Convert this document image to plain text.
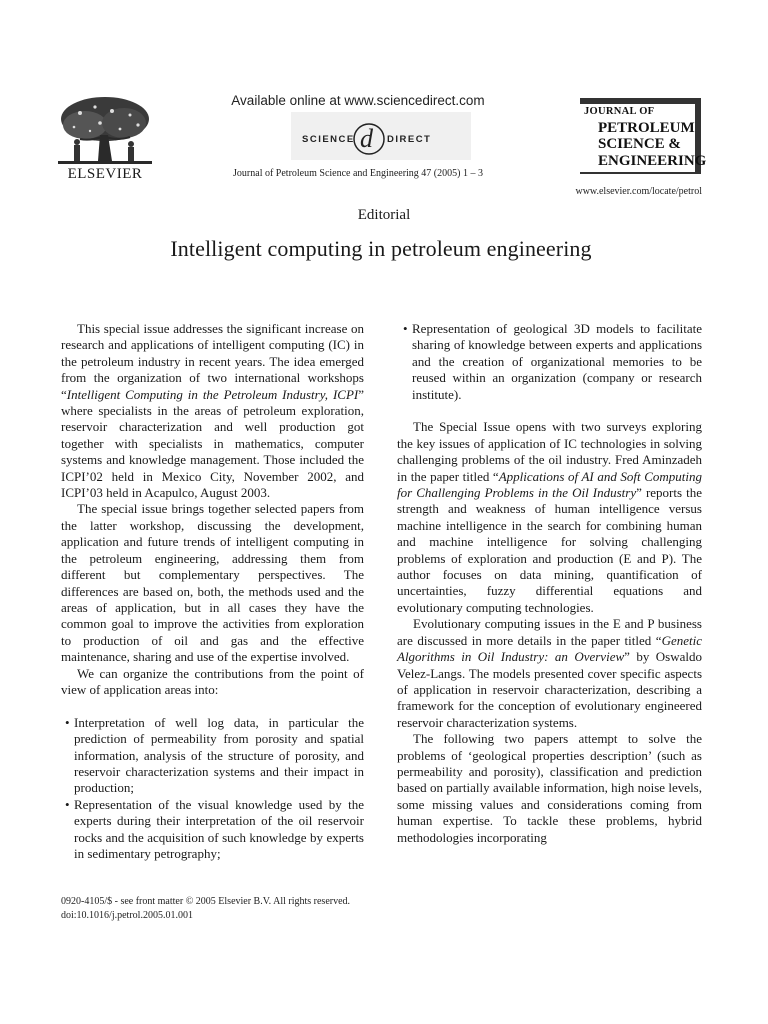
ELSEVIER
Available online at www.sciencedirect.com
SCIENCE d DIRECT
Journal of Petroleum Science and Engineering 47 (2005) 1 – 3
JOURNAL OF
PETROLEUM
SCIENCE &
ENGINEERING
www.elsevier.com/locate/petrol
Editorial
Intelligent computing in petroleum engineering

This special issue addresses the significant increase on research and applications of intelligent computing (IC) in the petroleum industry in recent years. The idea emerged from the organization of two international workshops “Intelligent Computing in the Petroleum Industry, ICPI” where specialists in the areas of petroleum exploration, reservoir characterization and well production got together with specialists in mathematics, computer systems and knowledge management. Those included the ICPI’02 held in Mexico City, November 2002, and ICPI’03 held in Acapulco, August 2003.

The special issue brings together selected papers from the latter workshop, discussing the development, application and future trends of intelligent computing in the petroleum engineering, addressing them from different but complementary perspectives. The differences are based on, both, the methods used and the areas of application, but in all cases they have the common goal to improve the activities from exploration to production of oil and gas and the effective maintenance, sharing and use of the expertise involved.

We can organize the contributions from the point of view of application areas into:

• Interpretation of well log data, in particular the prediction of permeability from porosity and spatial information, analysis of the structure of porosity, and reservoir characterization systems and their impact in production;
• Representation of the visual knowledge used by the experts during their interpretation of the oil reservoir rocks and the acquisition of such knowledge by experts in sedimentary petrography;
• Representation of geological 3D models to facilitate sharing of knowledge between experts and applications and the creation of organizational memories to be reused within an organization (company or research institute).

The Special Issue opens with two surveys exploring the key issues of application of IC technologies in solving challenging problems of the oil industry. Fred Aminzadeh in the paper titled “Applications of AI and Soft Computing for Challenging Problems in the Oil Industry” reports the strength and weakness of human intelligence versus machine intelligence in the search for combining human and machine intelligence for solving challenging problems of exploration and production (E and P). The author focuses on data mining, quantification of uncertainties, fuzzy differential equations and evolutionary computing technologies.

Evolutionary computing issues in the E and P business are discussed in more details in the paper titled “Genetic Algorithms in Oil Industry: an Overview” by Oswaldo Velez-Langs. The models presented cover specific aspects of application in reservoir characterization, describing a framework for the conception of evolutionary engineered reservoir characterization systems.

The following two papers attempt to solve the problems of ‘geological properties description’ (such as permeability and porosity), classification and prediction based on partially available information, high noise levels, some missing values and considerations coming from human expertise. To tackle these problems, hybrid methodologies incorporating

0920-4105/$ - see front matter © 2005 Elsevier B.V. All rights reserved.
doi:10.1016/j.petrol.2005.01.001
